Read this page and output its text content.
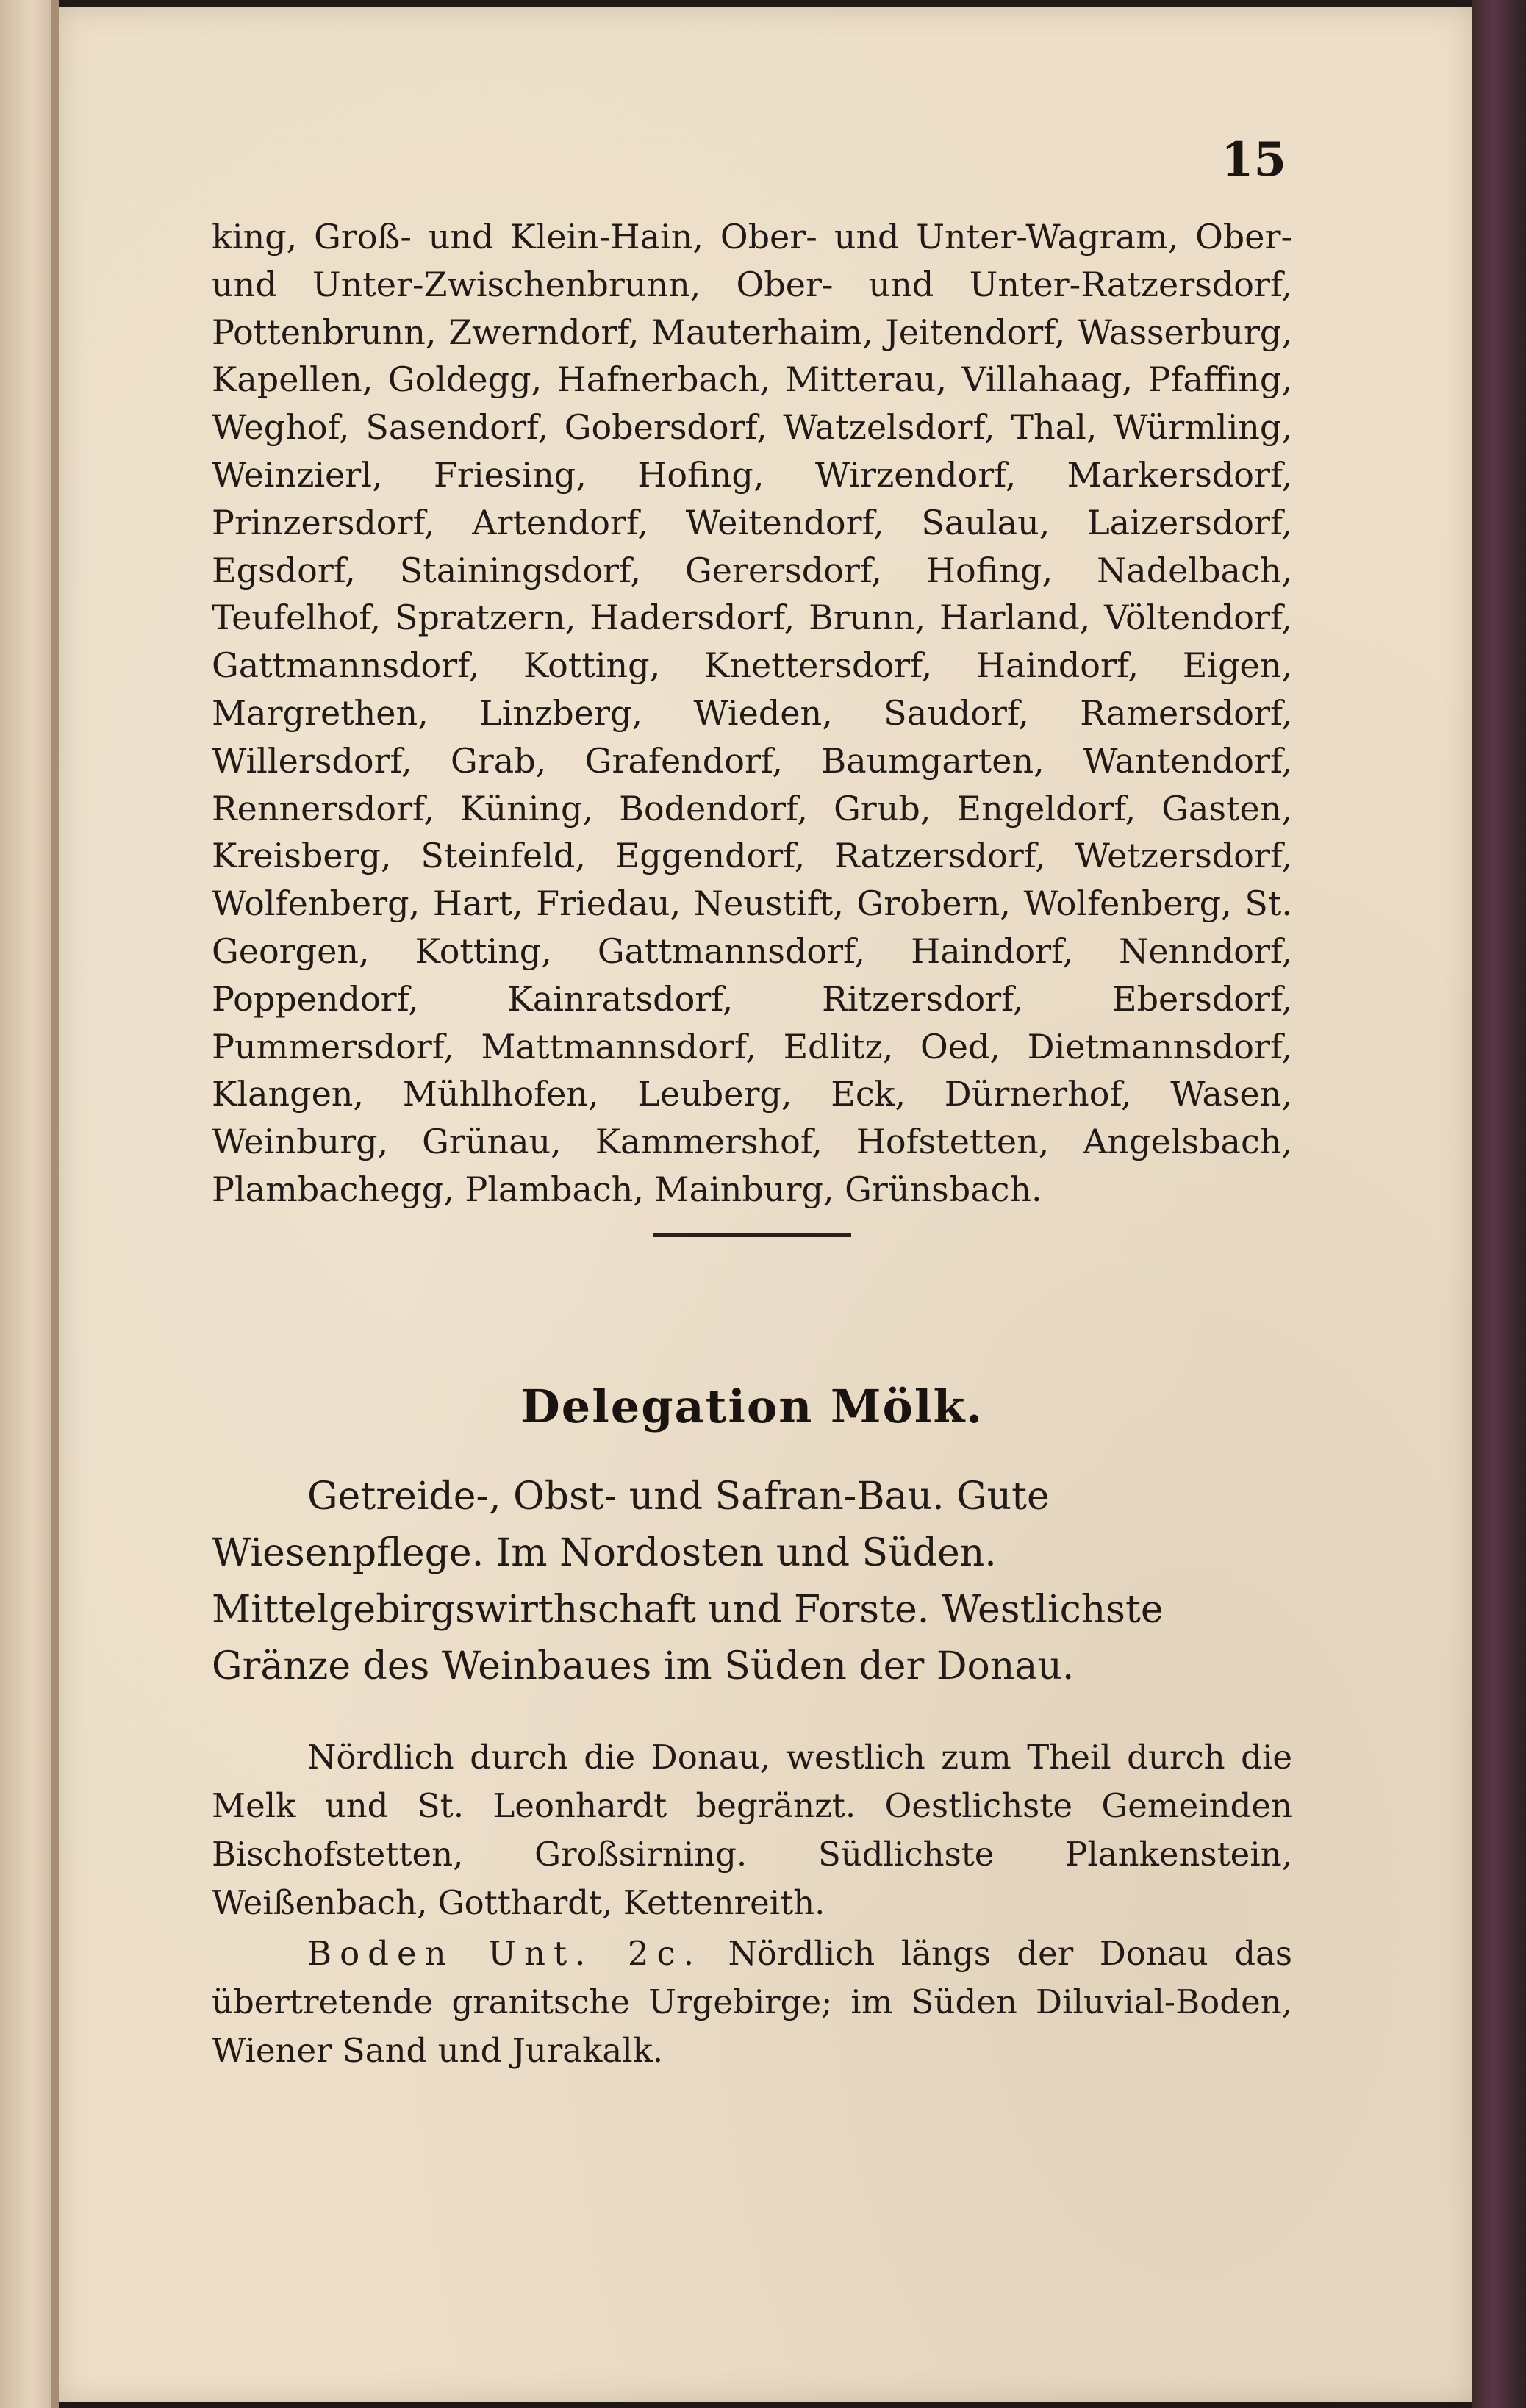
15
king, Groß- und Klein-Hain, Ober- und Unter-Wagram, Ober- und Unter-Zwischenbrunn, Ober- und Unter-Ratzersdorf, Pottenbrunn, Zwerndorf, Mauterhaim, Jeitendorf, Wasserburg, Kapellen, Goldegg, Hafnerbach, Mitterau, Villahaag, Pfaffing, Weghof, Sasendorf, Gobersdorf, Watzelsdorf, Thal, Würmling, Weinzierl, Friesing, Hofing, Wirzendorf, Markersdorf, Prinzersdorf, Artendorf, Weitendorf, Saulau, Laizersdorf, Egsdorf, Stainingsdorf, Gerersdorf, Hofing, Nadelbach, Teufelhof, Spratzern, Hadersdorf, Brunn, Harland, Völtendorf, Gattmannsdorf, Kotting, Knettersdorf, Haindorf, Eigen, Margrethen, Linzberg, Wieden, Saudorf, Ramersdorf, Willersdorf, Grab, Grafendorf, Baumgarten, Wantendorf, Rennersdorf, Küning, Bodendorf, Grub, Engeldorf, Gasten, Kreisberg, Steinfeld, Eggendorf, Ratzersdorf, Wetzersdorf, Wolfenberg, Hart, Friedau, Neustift, Grobern, Wolfenberg, St. Georgen, Kotting, Gattmannsdorf, Haindorf, Nenndorf, Poppendorf, Kainratsdorf, Ritzersdorf, Ebersdorf, Pummersdorf, Mattmannsdorf, Edlitz, Oed, Dietmannsdorf, Klangen, Mühlhofen, Leuberg, Eck, Dürnerhof, Wasen, Weinburg, Grünau, Kammershof, Hofstetten, Angelsbach, Plambachegg, Plambach, Mainburg, Grünsbach.
Delegation Mölk.
Getreide-, Obst- und Safran-Bau. Gute Wiesenpflege. Im Nordosten und Süden. Mittelgebirgswirthschaft und Forste. Westlichste Gränze des Weinbaues im Süden der Donau.
Nördlich durch die Donau, westlich zum Theil durch die Melk und St. Leonhardt begränzt. Oestlichste Gemeinden Bischofstetten, Großsirning. Südlichste Plankenstein, Weißenbach, Gotthardt, Kettenreith.
Boden Unt. 2c. Nördlich längs der Donau das übertretende granitsche Urgebirge; im Süden Diluvial-Boden, Wiener Sand und Jurakalk.
